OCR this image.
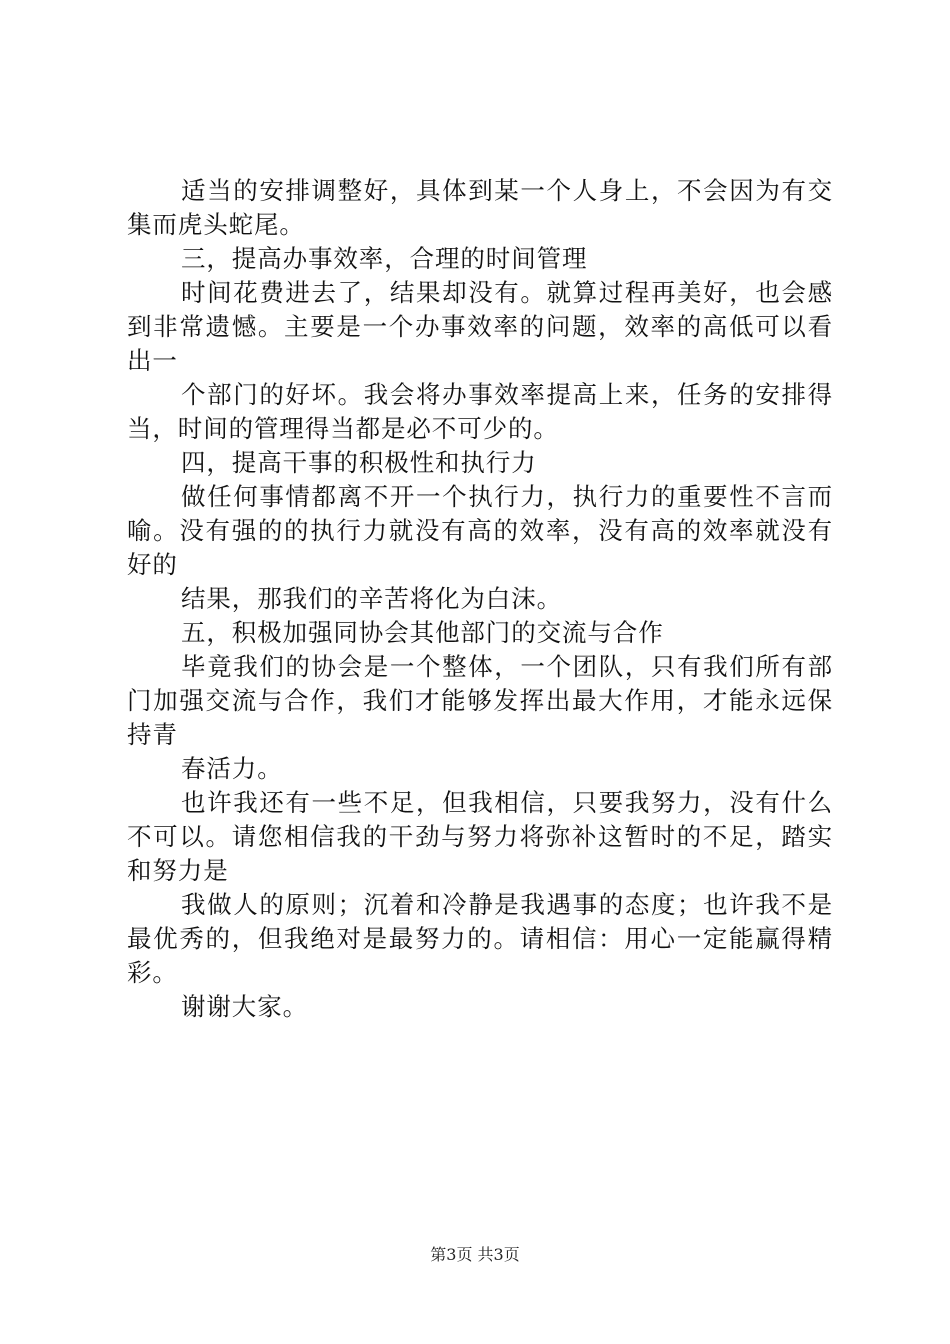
适当的安排调整好，具体到某一个人身上，不会因为有交集而虎头蛇尾。

三，提高办事效率，合理的时间管理

时间花费进去了，结果却没有。就算过程再美好，也会感到非常遗憾。主要是一个办事效率的问题，效率的高低可以看出一

个部门的好坏。我会将办事效率提高上来，任务的安排得当，时间的管理得当都是必不可少的。

四，提高干事的积极性和执行力

做任何事情都离不开一个执行力，执行力的重要性不言而喻。没有强的的执行力就没有高的效率，没有高的效率就没有好的

结果，那我们的辛苦将化为白沫。

五，积极加强同协会其他部门的交流与合作

毕竟我们的协会是一个整体，一个团队，只有我们所有部门加强交流与合作，我们才能够发挥出最大作用，才能永远保持青

春活力。

也许我还有一些不足，但我相信，只要我努力，没有什么不可以。请您相信我的干劲与努力将弥补这暂时的不足，踏实和努力是

我做人的原则；沉着和冷静是我遇事的态度；也许我不是最优秀的，但我绝对是最努力的。请相信：用心一定能赢得精彩。

谢谢大家。

第3页 共3页
